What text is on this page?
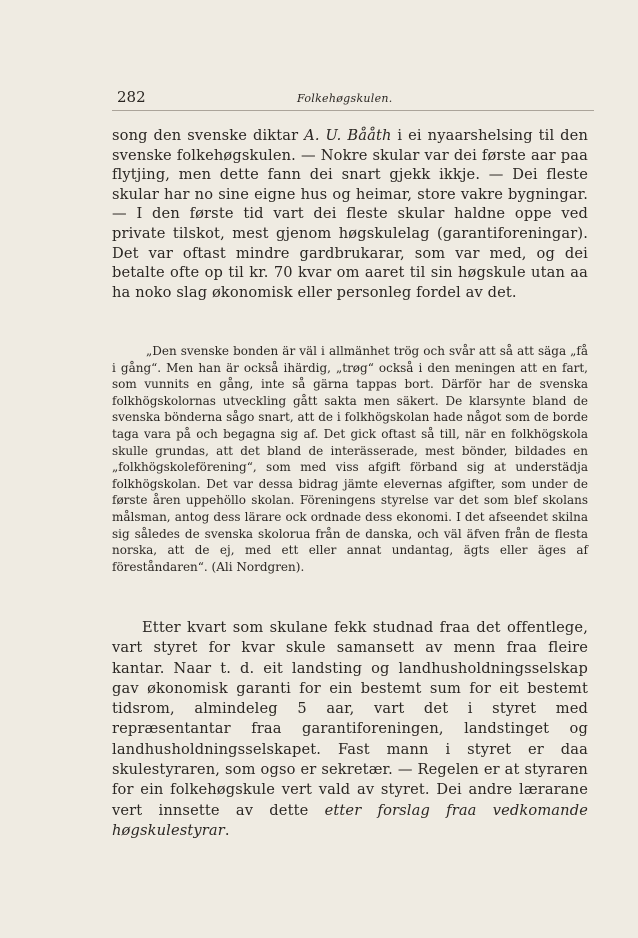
282	Folkehøgskulen.

song den svenske diktar A. U. Bååth i ei nyaarshelsing til den svenske folkehøgskulen. — Nokre skular var dei første aar paa flytjing, men dette fann dei snart gjekk ikkje. — Dei fleste skular har no sine eigne hus og heimar, store vakre bygningar. — I den første tid vart dei fleste skular haldne oppe ved private tilskot, mest gjenom høgskulelag (garantiforeningar). Det var oftast mindre gardbrukarar, som var med, og dei betalte ofte op til kr. 70 kvar om aaret til sin høgskule utan aa ha noko slag økonomisk eller personleg fordel av det.

„Den svenske bonden är väl i allmänhet trög och svår att så att säga „få i gång“. Men han är också ihärdig, „trøg“ också i den meningen att en fart, som vunnits en gång, inte så gärna tappas bort. Därför har de svenska folkhögskolornas utveckling gått sakta men säkert. De klarsynte bland de svenska bönderna sågo snart, att de i folkhögskolan hade något som de borde taga vara på och begagna sig af. Det gick oftast så till, när en folkhögskola skulle grundas, att det bland de interässerade, mest bönder, bildades en „folkhögskoleförening“, som med viss afgift förband sig at understädja folkhögskolan. Det var dessa bidrag jämte elevernas afgifter, som under de første åren uppehöllo skolan. Föreningens styrelse var det som blef skolans målsman, antog dess lärare ock ordnade dess ekonomi. I det afseendet skilna sig således de svenska skolorua från de danska, och väl äfven från de flesta norska, att de ej, med ett eller annat undantag, ägts eller äges af föreståndaren“. (Ali Nordgren).

Etter kvart som skulane fekk studnad fraa det offentlege, vart styret for kvar skule samansett av menn fraa fleire kantar. Naar t. d. eit landsting og landhusholdningsselskap gav økonomisk garanti for ein bestemt sum for eit bestemt tidsrom, almindeleg 5 aar, vart det i styret med repræsentantar fraa garantiforeningen, landstinget og landhusholdningsselskapet. Fast mann i styret er daa skulestyraren, som ogso er sekretær. — Regelen er at styraren for ein folkehøgskule vert vald av styret. Dei andre lærarane vert innsette av dette etter forslag fraa vedkomande høgskulestyrar.
